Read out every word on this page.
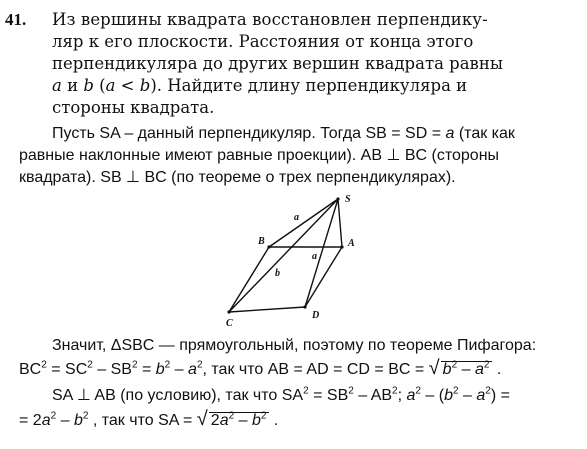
41. Из вершины квадрата восстановлен перпендику-
ляр к его плоскости. Расстояния от конца этого
перпендикуляра до других вершин квадрата равны
a и b (a < b). Найдите длину перпендикуляра и
стороны квадрата.
Пусть SA – данный перпендикуляр. Тогда SB = SD = a (так как
равные наклонные имеют равные проекции). AB ⊥ BC (стороны
квадрата). SB ⊥ BC (по теореме о трех перпендикулярах).
S
B	A
C
D
a
a
b
Значит, ΔSBC — прямоугольный, поэтому по теореме Пифагора:
$BC^2 = SC^2 - SB^2 = b^2 - a^2$, так что AB = AD = CD = BC = √ $b^2 - a^2$ .
SA ⊥ AB (по условию), так что $SA^2 = SB^2 - AB^2$; $a^2 - (b^2 - a^2)$ =
= $2a^2 - b^2$ , так что SA = √ $2a^2 - b^2$ .
